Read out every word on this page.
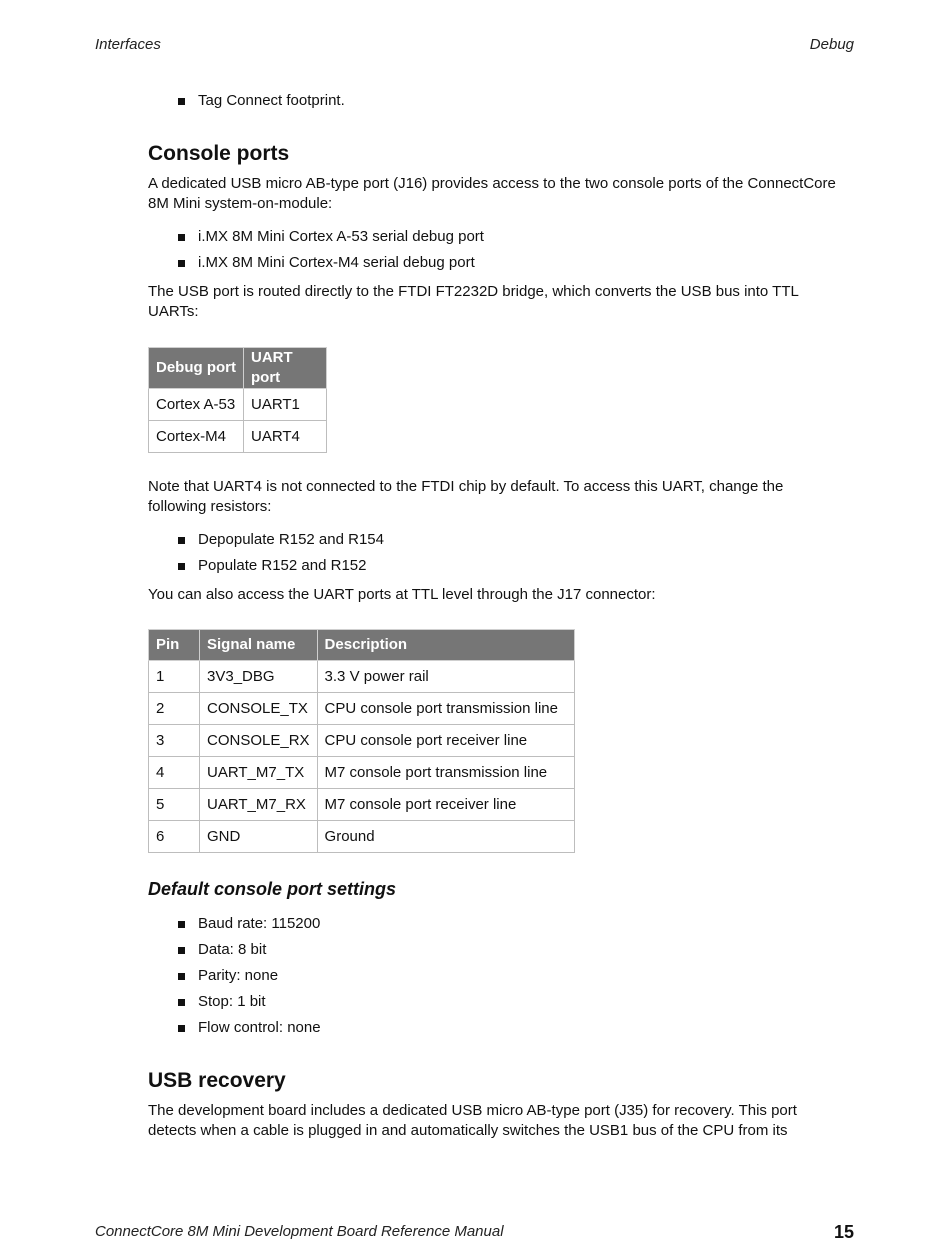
Interfaces	Debug
Tag Connect footprint.
Console ports

A dedicated USB micro AB-type port (J16) provides access to the two console ports of the ConnectCore 8M Mini system-on-module:

i.MX 8M Mini Cortex A-53 serial debug port
i.MX 8M Mini Cortex-M4 serial debug port

The USB port is routed directly to the FTDI FT2232D bridge, which converts the USB bus into TTL UARTs:

Debug port	UART port
Cortex A-53	UART1
Cortex-M4	UART4

Note that UART4 is not connected to the FTDI chip by default. To access this UART, change the following resistors:

Depopulate R152 and R154
Populate R152 and R152

You can also access the UART ports at TTL level through the J17 connector:

Pin	Signal name	Description
1	3V3_DBG	3.3 V power rail
2	CONSOLE_TX	CPU console port transmission line
3	CONSOLE_RX	CPU console port receiver line
4	UART_M7_TX	M7 console port transmission line
5	UART_M7_RX	M7 console port receiver line
6	GND	Ground
Default console port settings
Baud rate: 115200
Data: 8 bit
Parity: none
Stop: 1 bit
Flow control: none
USB recovery

The development board includes a dedicated USB micro AB-type port (J35) for recovery. This port detects when a cable is plugged in and automatically switches the USB1 bus of the CPU from its

ConnectCore 8M Mini Development Board Reference Manual	15
